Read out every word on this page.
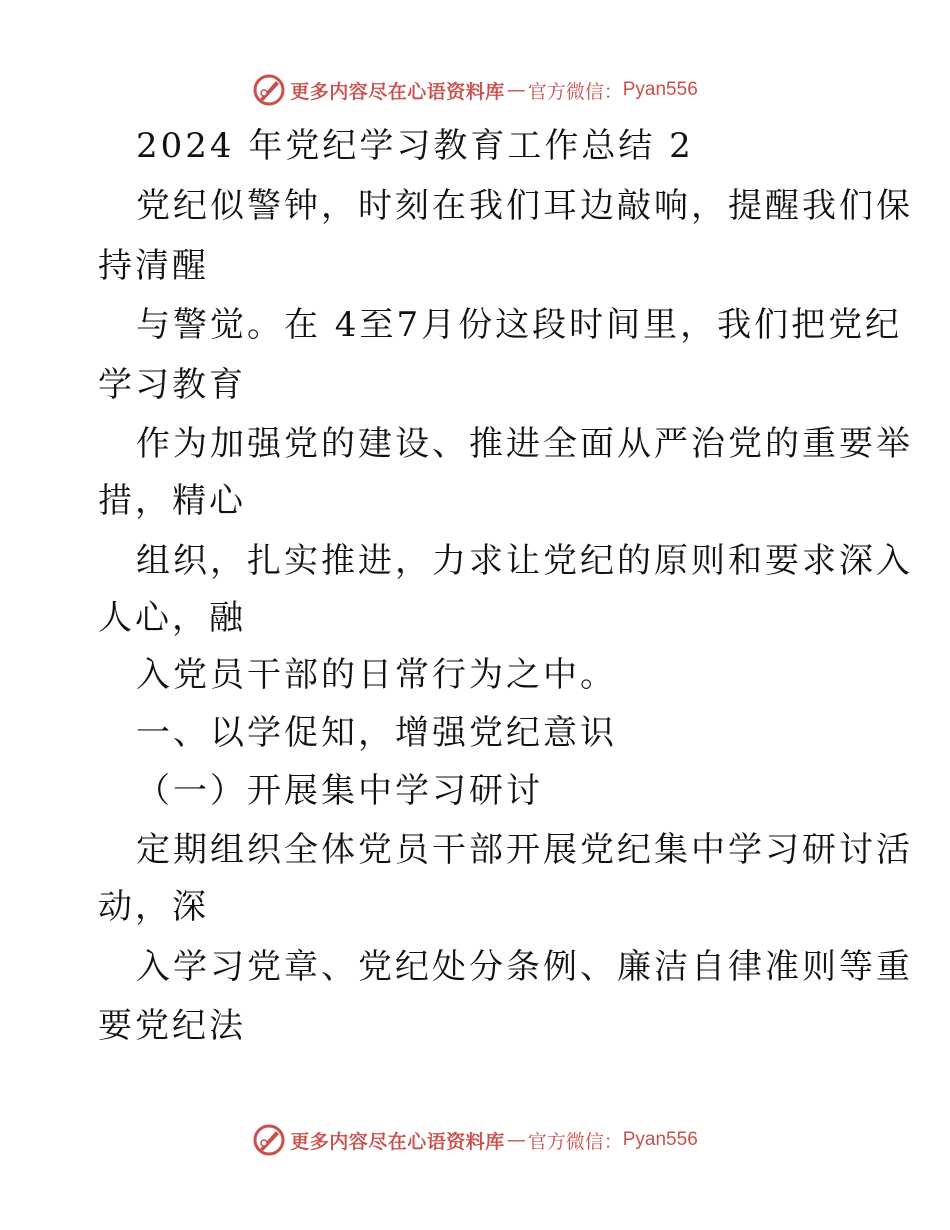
更多内容尽在心语资料库 — 官方微信： Pyan556
2024 年党纪学习教育工作总结 2
党纪似警钟，时刻在我们耳边敲响，提醒我们保
持清醒
与警觉。在 4至7月份这段时间里，我们把党纪
学习教育
作为加强党的建设、推进全面从严治党的重要举
措，精心
组织，扎实推进，力求让党纪的原则和要求深入
人心，融
入党员干部的日常行为之中。
一、以学促知，增强党纪意识
（一）开展集中学习研讨
定期组织全体党员干部开展党纪集中学习研讨活
动，深
入学习党章、党纪处分条例、廉洁自律准则等重
要党纪法
更多内容尽在心语资料库 — 官方微信： Pyan556
